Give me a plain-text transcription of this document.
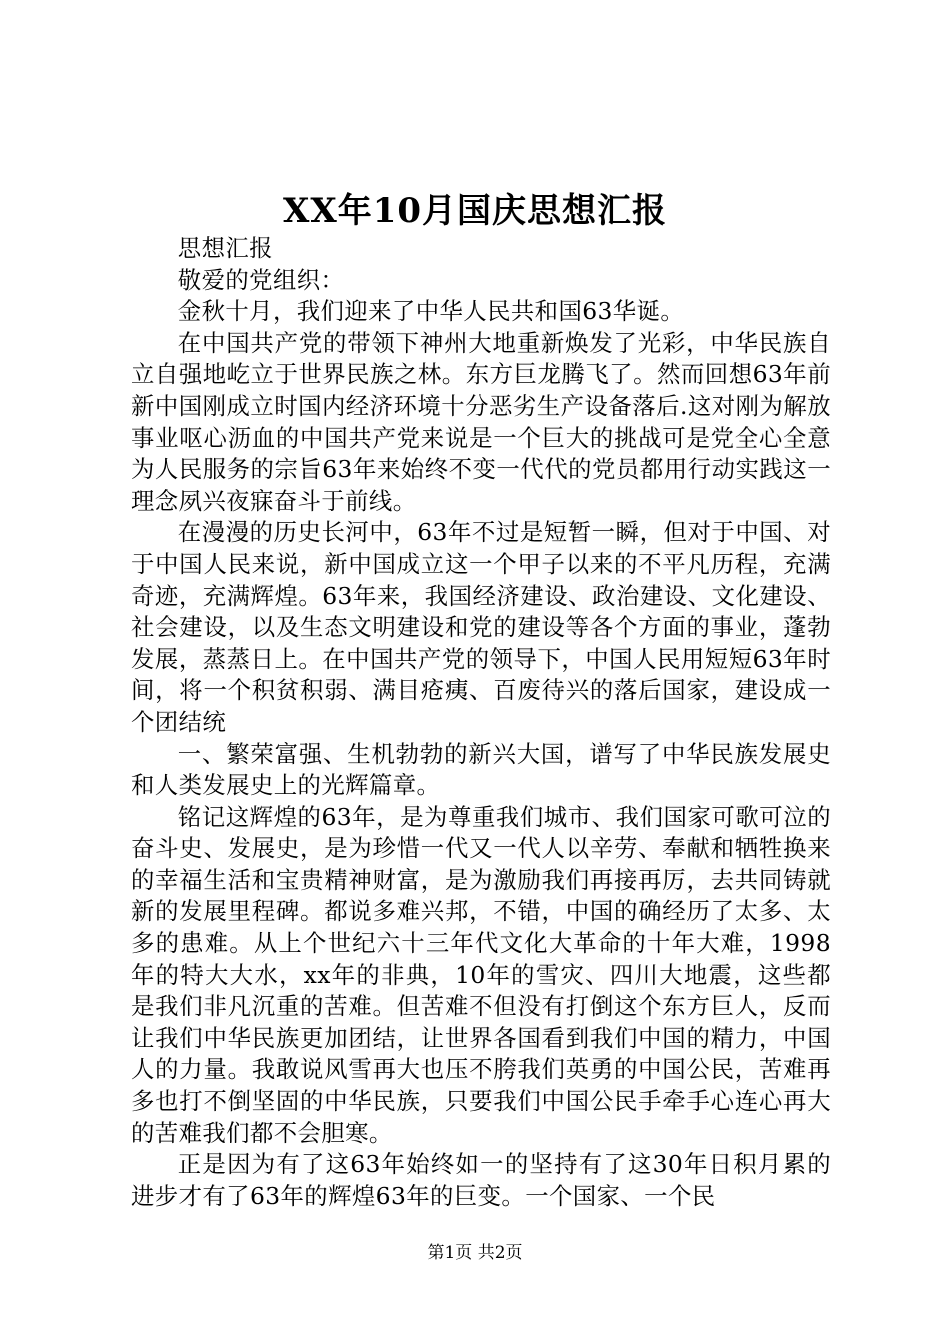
XX年10月国庆思想汇报

思想汇报

敬爱的党组织：

金秋十月，我们迎来了中华人民共和国63华诞。

在中国共产党的带领下神州大地重新焕发了光彩，中华民族自立自强地屹立于世界民族之林。东方巨龙腾飞了。然而回想63年前新中国刚成立时国内经济环境十分恶劣生产设备落后.这对刚为解放事业呕心沥血的中国共产党来说是一个巨大的挑战可是党全心全意为人民服务的宗旨63年来始终不变一代代的党员都用行动实践这一理念夙兴夜寐奋斗于前线。

在漫漫的历史长河中，63年不过是短暂一瞬，但对于中国、对于中国人民来说，新中国成立这一个甲子以来的不平凡历程，充满奇迹，充满辉煌。63年来，我国经济建设、政治建设、文化建设、社会建设，以及生态文明建设和党的建设等各个方面的事业，蓬勃发展，蒸蒸日上。在中国共产党的领导下，中国人民用短短63年时间，将一个积贫积弱、满目疮痍、百废待兴的落后国家，建设成一个团结统

一、繁荣富强、生机勃勃的新兴大国，谱写了中华民族发展史和人类发展史上的光辉篇章。

铭记这辉煌的63年，是为尊重我们城市、我们国家可歌可泣的奋斗史、发展史，是为珍惜一代又一代人以辛劳、奉献和牺牲换来的幸福生活和宝贵精神财富，是为激励我们再接再厉，去共同铸就新的发展里程碑。都说多难兴邦，不错，中国的确经历了太多、太多的患难。从上个世纪六十三年代文化大革命的十年大难，1998年的特大大水，xx年的非典，10年的雪灾、四川大地震，这些都是我们非凡沉重的苦难。但苦难不但没有打倒这个东方巨人，反而让我们中华民族更加团结，让世界各国看到我们中国的精力，中国人的力量。我敢说风雪再大也压不胯我们英勇的中国公民，苦难再多也打不倒坚固的中华民族，只要我们中国公民手牵手心连心再大的苦难我们都不会胆寒。

正是因为有了这63年始终如一的坚持有了这30年日积月累的进步才有了63年的辉煌63年的巨变。一个国家、一个民

第1页 共2页
